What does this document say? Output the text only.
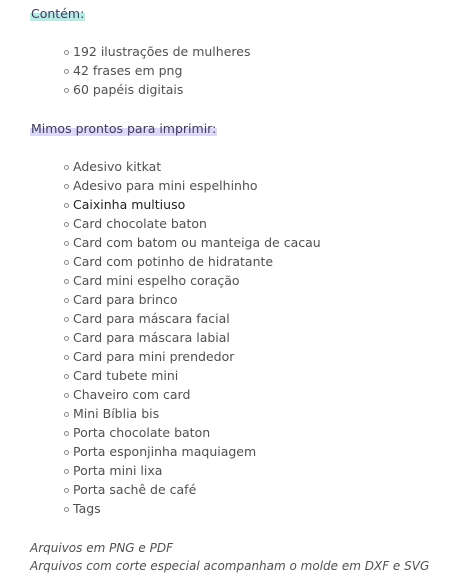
Contém:
192 ilustrações de mulheres
42 frases em png
60 papéis digitais
Mimos prontos para imprimir:
Adesivo kitkat
Adesivo para mini espelhinho
Caixinha multiuso
Card chocolate baton
Card com batom ou manteiga de cacau
Card com potinho de hidratante
Card mini espelho coração
Card para brinco
Card para máscara facial
Card para máscara labial
Card para mini prendedor
Card tubete mini
Chaveiro com card
Mini Bíblia bis
Porta chocolate baton
Porta esponjinha maquiagem
Porta mini lixa
Porta sachê de café
Tags
Arquivos em PNG e PDF
Arquivos com corte especial acompanham o molde em DXF e SVG
